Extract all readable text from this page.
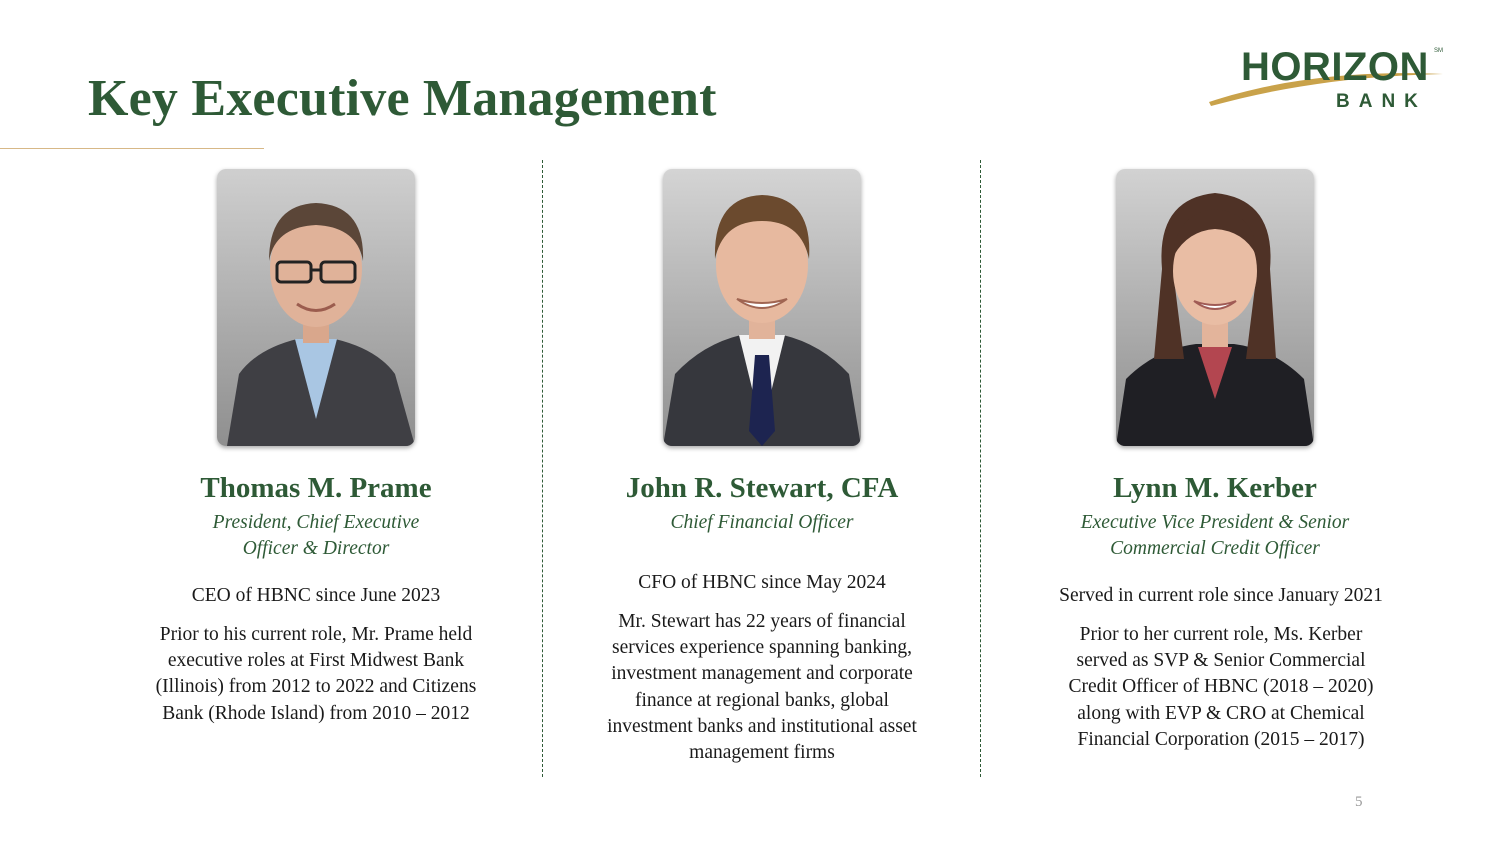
Key Executive Management
HORIZON SM
BANK
Thomas M. Prame
President, Chief Executive Officer & Director
CEO of HBNC since June 2023
Prior to his current role, Mr. Prame held executive roles at First Midwest Bank (Illinois) from 2012 to 2022 and Citizens Bank (Rhode Island) from 2010 – 2012
John R. Stewart, CFA
Chief Financial Officer
CFO of HBNC since May 2024
Mr. Stewart has 22 years of financial services experience spanning banking, investment management and corporate finance at regional banks, global investment banks and institutional asset management firms
Lynn M. Kerber
Executive Vice President & Senior Commercial Credit Officer
Served in current role since January 2021
Prior to her current role, Ms. Kerber served as SVP & Senior Commercial Credit Officer of HBNC (2018 – 2020) along with EVP & CRO at Chemical Financial Corporation (2015 – 2017)
5
